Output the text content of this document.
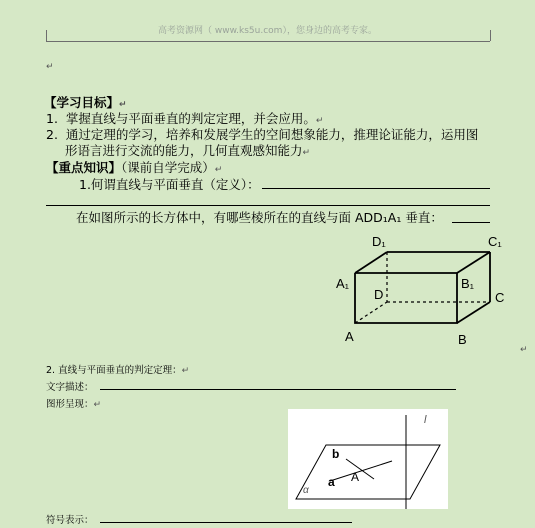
高考资源网（ www.ks5u.com），您身边的高考专家。
↵
【学习目标】↵
1. 掌握直线与平面垂直的判定定理，并会应用。↵
2. 通过定理的学习，培养和发展学生的空间想象能力，推理论证能力，运用图
形语言进行交流的能力，几何直观感知能力↵
【重点知识】（课前自学完成）↵
1.何谓直线与平面垂直（定义）：
在如图所示的长方体中，有哪些棱所在的直线与面 ADD₁A₁ 垂直：
D₁	C₁
A₁	B₁
D	C
A	B
↵
2. 直线与平面垂直的判定定理：↵
文字描述：
图形呈现：↵
l
b
a A
α
符号表示：
